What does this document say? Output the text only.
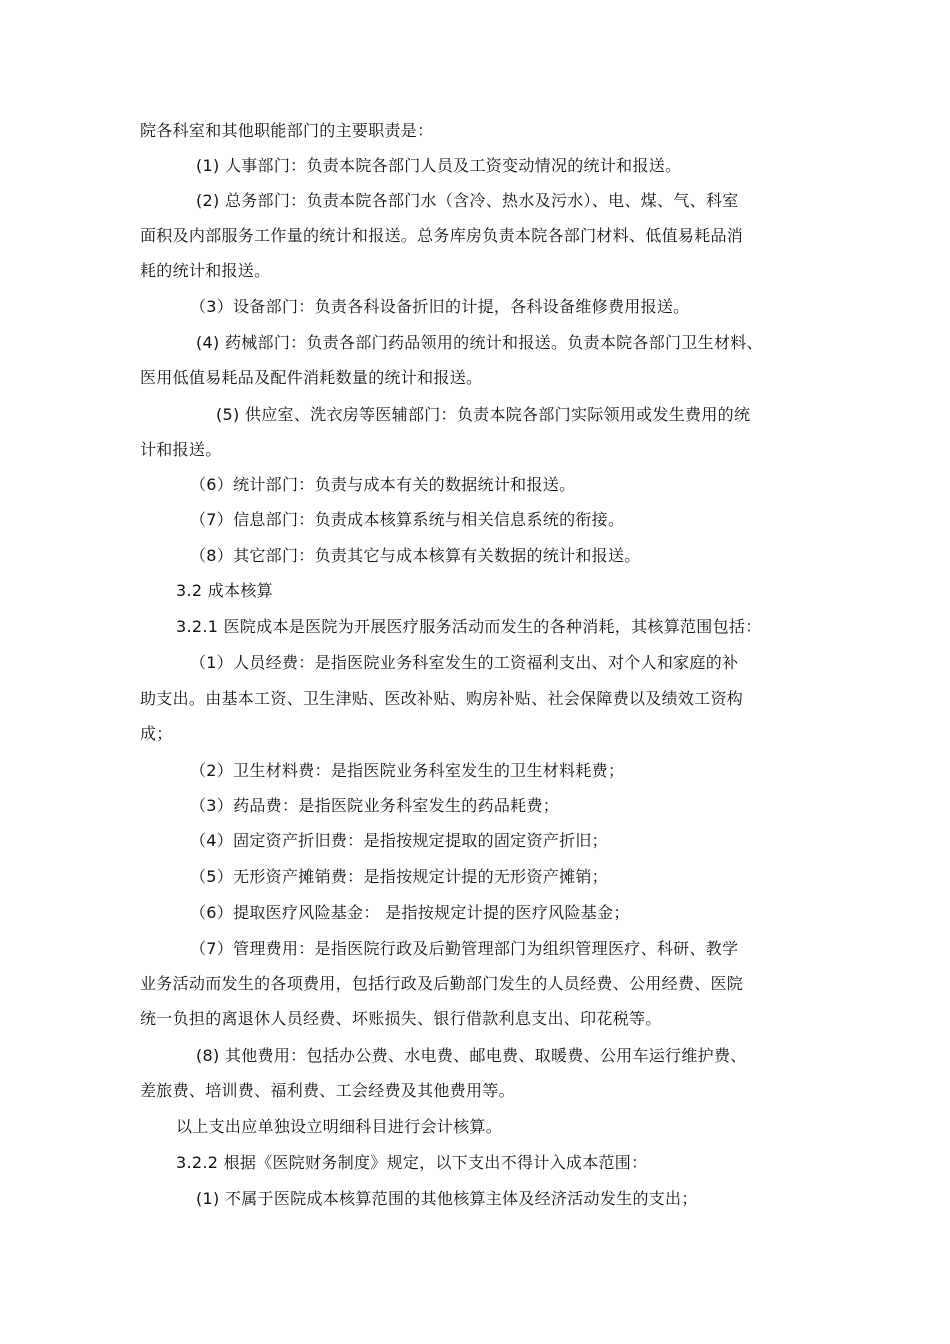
院各科室和其他职能部门的主要职责是：
(1) 人事部门：负责本院各部门人员及工资变动情况的统计和报送。
(2) 总务部门：负责本院各部门水（含冷、热水及污水）、电、煤、气、科室
面积及内部服务工作量的统计和报送。总务库房负责本院各部门材料、低值易耗品消
耗的统计和报送。
（3）设备部门：负责各科设备折旧的计提，各科设备维修费用报送。
(4) 药械部门：负责各部门药品领用的统计和报送。负责本院各部门卫生材料、
医用低值易耗品及配件消耗数量的统计和报送。
(5) 供应室、洗衣房等医辅部门：负责本院各部门实际领用或发生费用的统
计和报送。
（6）统计部门：负责与成本有关的数据统计和报送。
（7）信息部门：负责成本核算系统与相关信息系统的衔接。
（8）其它部门：负责其它与成本核算有关数据的统计和报送。
3.2 成本核算
3.2.1 医院成本是医院为开展医疗服务活动而发生的各种消耗，其核算范围包括：
（1）人员经费：是指医院业务科室发生的工资福利支出、对个人和家庭的补
助支出。由基本工资、卫生津贴、医改补贴、购房补贴、社会保障费以及绩效工资构
成；
（2）卫生材料费：是指医院业务科室发生的卫生材料耗费；
（3）药品费：是指医院业务科室发生的药品耗费；
（4）固定资产折旧费：是指按规定提取的固定资产折旧；
（5）无形资产摊销费：是指按规定计提的无形资产摊销；
（6）提取医疗风险基金： 是指按规定计提的医疗风险基金；
（7）管理费用：是指医院行政及后勤管理部门为组织管理医疗、科研、教学
业务活动而发生的各项费用，包括行政及后勤部门发生的人员经费、公用经费、医院
统一负担的离退休人员经费、坏账损失、银行借款利息支出、印花税等。
(8) 其他费用：包括办公费、水电费、邮电费、取暖费、公用车运行维护费、
差旅费、培训费、福利费、工会经费及其他费用等。
以上支出应单独设立明细科目进行会计核算。
3.2.2 根据《医院财务制度》规定，以下支出不得计入成本范围：
(1) 不属于医院成本核算范围的其他核算主体及经济活动发生的支出；
